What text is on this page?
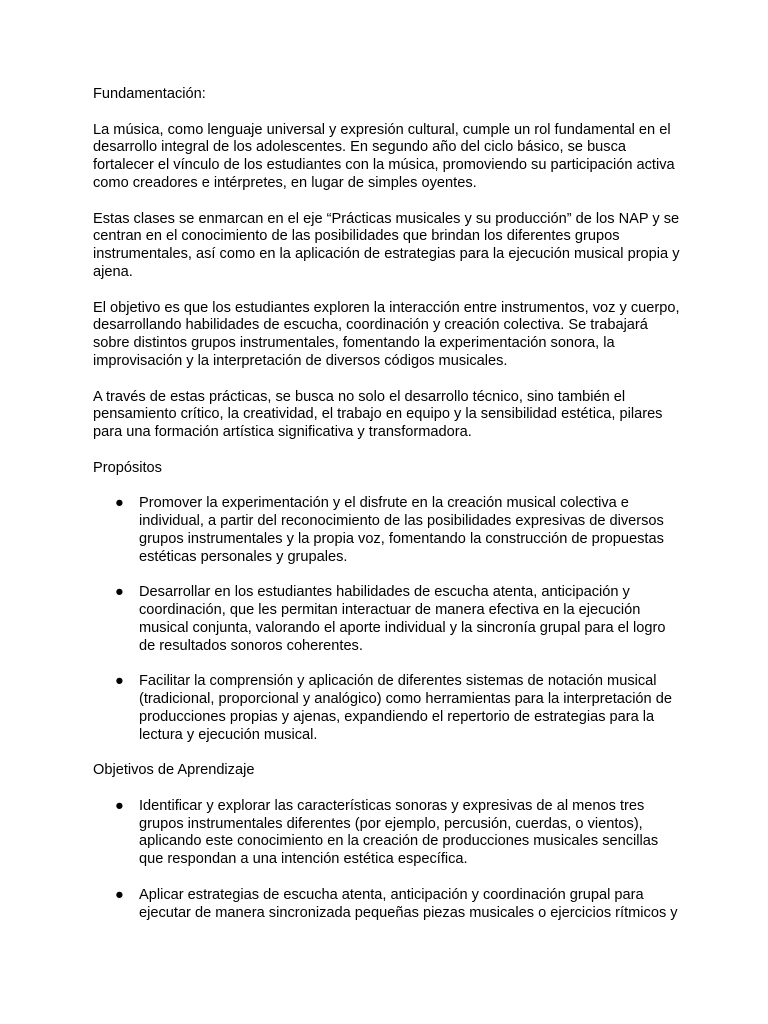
Fundamentación:

La música, como lenguaje universal y expresión cultural, cumple un rol fundamental en el desarrollo integral de los adolescentes. En segundo año del ciclo básico, se busca fortalecer el vínculo de los estudiantes con la música, promoviendo su participación activa como creadores e intérpretes, en lugar de simples oyentes.

Estas clases se enmarcan en el eje “Prácticas musicales y su producción” de los NAP y se centran en el conocimiento de las posibilidades que brindan los diferentes grupos instrumentales, así como en la aplicación de estrategias para la ejecución musical propia y ajena.

El objetivo es que los estudiantes exploren la interacción entre instrumentos, voz y cuerpo, desarrollando habilidades de escucha, coordinación y creación colectiva. Se trabajará sobre distintos grupos instrumentales, fomentando la experimentación sonora, la improvisación y la interpretación de diversos códigos musicales.

A través de estas prácticas, se busca no solo el desarrollo técnico, sino también el pensamiento crítico, la creatividad, el trabajo en equipo y la sensibilidad estética, pilares para una formación artística significativa y transformadora.

Propósitos
● Promover la experimentación y el disfrute en la creación musical colectiva e individual, a partir del reconocimiento de las posibilidades expresivas de diversos grupos instrumentales y la propia voz, fomentando la construcción de propuestas estéticas personales y grupales.
● Desarrollar en los estudiantes habilidades de escucha atenta, anticipación y coordinación, que les permitan interactuar de manera efectiva en la ejecución musical conjunta, valorando el aporte individual y la sincronía grupal para el logro de resultados sonoros coherentes.
● Facilitar la comprensión y aplicación de diferentes sistemas de notación musical (tradicional, proporcional y analógico) como herramientas para la interpretación de producciones propias y ajenas, expandiendo el repertorio de estrategias para la lectura y ejecución musical.
Objetivos de Aprendizaje
● Identificar y explorar las características sonoras y expresivas de al menos tres grupos instrumentales diferentes (por ejemplo, percusión, cuerdas, o vientos), aplicando este conocimiento en la creación de producciones musicales sencillas que respondan a una intención estética específica.
● Aplicar estrategias de escucha atenta, anticipación y coordinación grupal para ejecutar de manera sincronizada pequeñas piezas musicales o ejercicios rítmicos y
